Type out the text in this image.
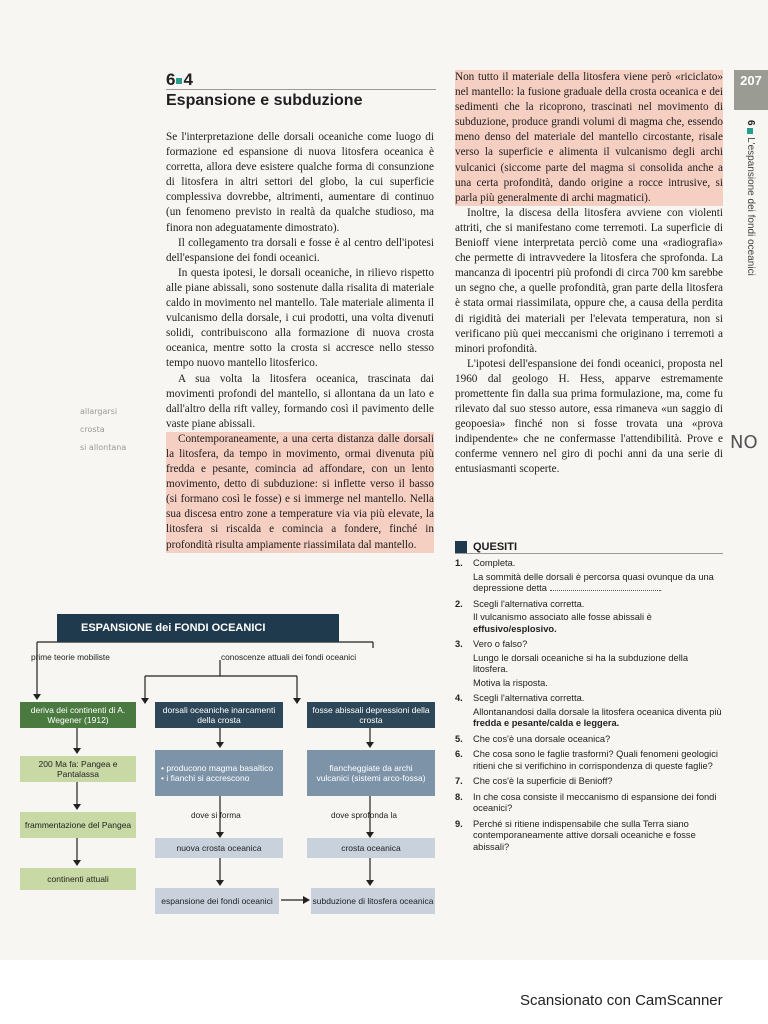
6 4
Espansione e subduzione
207
6  L'espansione dei fondi oceanici

Se l'interpretazione delle dorsali oceaniche come luogo di formazione ed espansione di nuova litosfera oceanica è corretta, allora deve esistere qualche forma di consunzione di litosfera in altri settori del globo, la cui superficie complessiva dovrebbe, altrimenti, aumentare di continuo (un fenomeno previsto in realtà da qualche studioso, ma finora non adeguatamente dimostrato).

Il collegamento tra dorsali e fosse è al centro dell'ipotesi dell'espansione dei fondi oceanici.

In questa ipotesi, le dorsali oceaniche, in rilievo rispetto alle piane abissali, sono sostenute dalla risalita di materiale caldo in movimento nel mantello. Tale materiale alimenta il vulcanismo della dorsale, i cui prodotti, una volta divenuti solidi, contribuiscono alla formazione di nuova crosta oceanica, mentre sotto la crosta si accresce nello stesso tempo nuovo mantello litosferico.

A sua volta la litosfera oceanica, trascinata dai movimenti profondi del mantello, si allontana da un lato e dall'altro della rift valley, formando così il pavimento delle vaste piane abissali.

Contemporaneamente, a una certa distanza dalle dorsali la litosfera, da tempo in movimento, ormai divenuta più fredda e pesante, comincia ad affondare, con un lento movimento, detto di subduzione: si inflette verso il basso (si formano così le fosse) e si immerge nel mantello. Nella sua discesa entro zone a temperature via via più elevate, la litosfera si riscalda e comincia a fondere, finché in profondità risulta ampiamente riassimilata dal mantello.

allargarsi
crosta
si allontana

Non tutto il materiale della litosfera viene però «riciclato» nel mantello: la fusione graduale della crosta oceanica e dei sedimenti che la ricoprono, trascinati nel movimento di subduzione, produce grandi volumi di magma che, essendo meno denso del materiale del mantello circostante, risale verso la superficie e alimenta il vulcanismo degli archi vulcanici (siccome parte del magma si consolida anche a una certa profondità, dando origine a rocce intrusive, si parla più generalmente di archi magmatici).

Inoltre, la discesa della litosfera avviene con violenti attriti, che si manifestano come terremoti. La superficie di Benioff viene interpretata perciò come una «radiografia» che permette di intravvedere la litosfera che sprofonda. La mancanza di ipocentri più profondi di circa 700 km sarebbe un segno che, a quelle profondità, gran parte della litosfera è stata ormai riassimilata, oppure che, a causa della perdita di rigidità dei materiali per l'elevata temperatura, non si verificano più quei meccanismi che originano i terremoti a minori profondità.

L'ipotesi dell'espansione dei fondi oceanici, proposta nel 1960 dal geologo H. Hess, apparve estremamente promettente fin dalla sua prima formulazione, ma, come fu rilevato dal suo stesso autore, essa rimaneva «un saggio di geopoesia» finché non si fosse trovata una «prova indipendente» che ne confermasse l'attendibilità. Prove e conferme vennero nel giro di pochi anni da una serie di entusiasmanti scoperte.

NO
QUESITI
1.	Completa.
La sommità delle dorsali è percorsa quasi ovunque da una depressione detta	.
2.	Scegli l'alternativa corretta.
Il vulcanismo associato alle fosse abissali è effusivo/esplosivo.
3.	Vero o falso?
Lungo le dorsali oceaniche si ha la subduzione della litosfera.
Motiva la risposta.
4.	Scegli l'alternativa corretta.
Allontanandosi dalla dorsale la litosfera oceanica diventa più fredda e pesante/calda e leggera.
5.	Che cos'è una dorsale oceanica?
6.	Che cosa sono le faglie trasformi? Quali fenomeni geologici ritieni che si verifichino in corrispondenza di queste faglie?
7.	Che cos'è la superficie di Benioff?
8.	In che cosa consiste il meccanismo di espansione dei fondi oceanici?
9.	Perché si ritiene indispensabile che sulla Terra siano contemporaneamente attive dorsali oceaniche e fosse abissali?
ESPANSIONE dei FONDI OCEANICI
prime teorie mobiliste	conoscenze attuali dei fondi oceanici
deriva dei continenti di A. Wegener (1912)
200 Ma fa: Pangea e Pantalassa
frammentazione del Pangea
continenti attuali
dorsali oceaniche inarcamenti della crosta
fosse abissali depressioni della crosta
• producono magma basaltico • i fianchi si accrescono
fiancheggiate da archi vulcanici (sistemi arco-fossa)
dove si forma	dove sprofonda la
nuova crosta oceanica	crosta oceanica
espansione dei fondi oceanici	subduzione di litosfera oceanica
Scansionato con CamScanner
